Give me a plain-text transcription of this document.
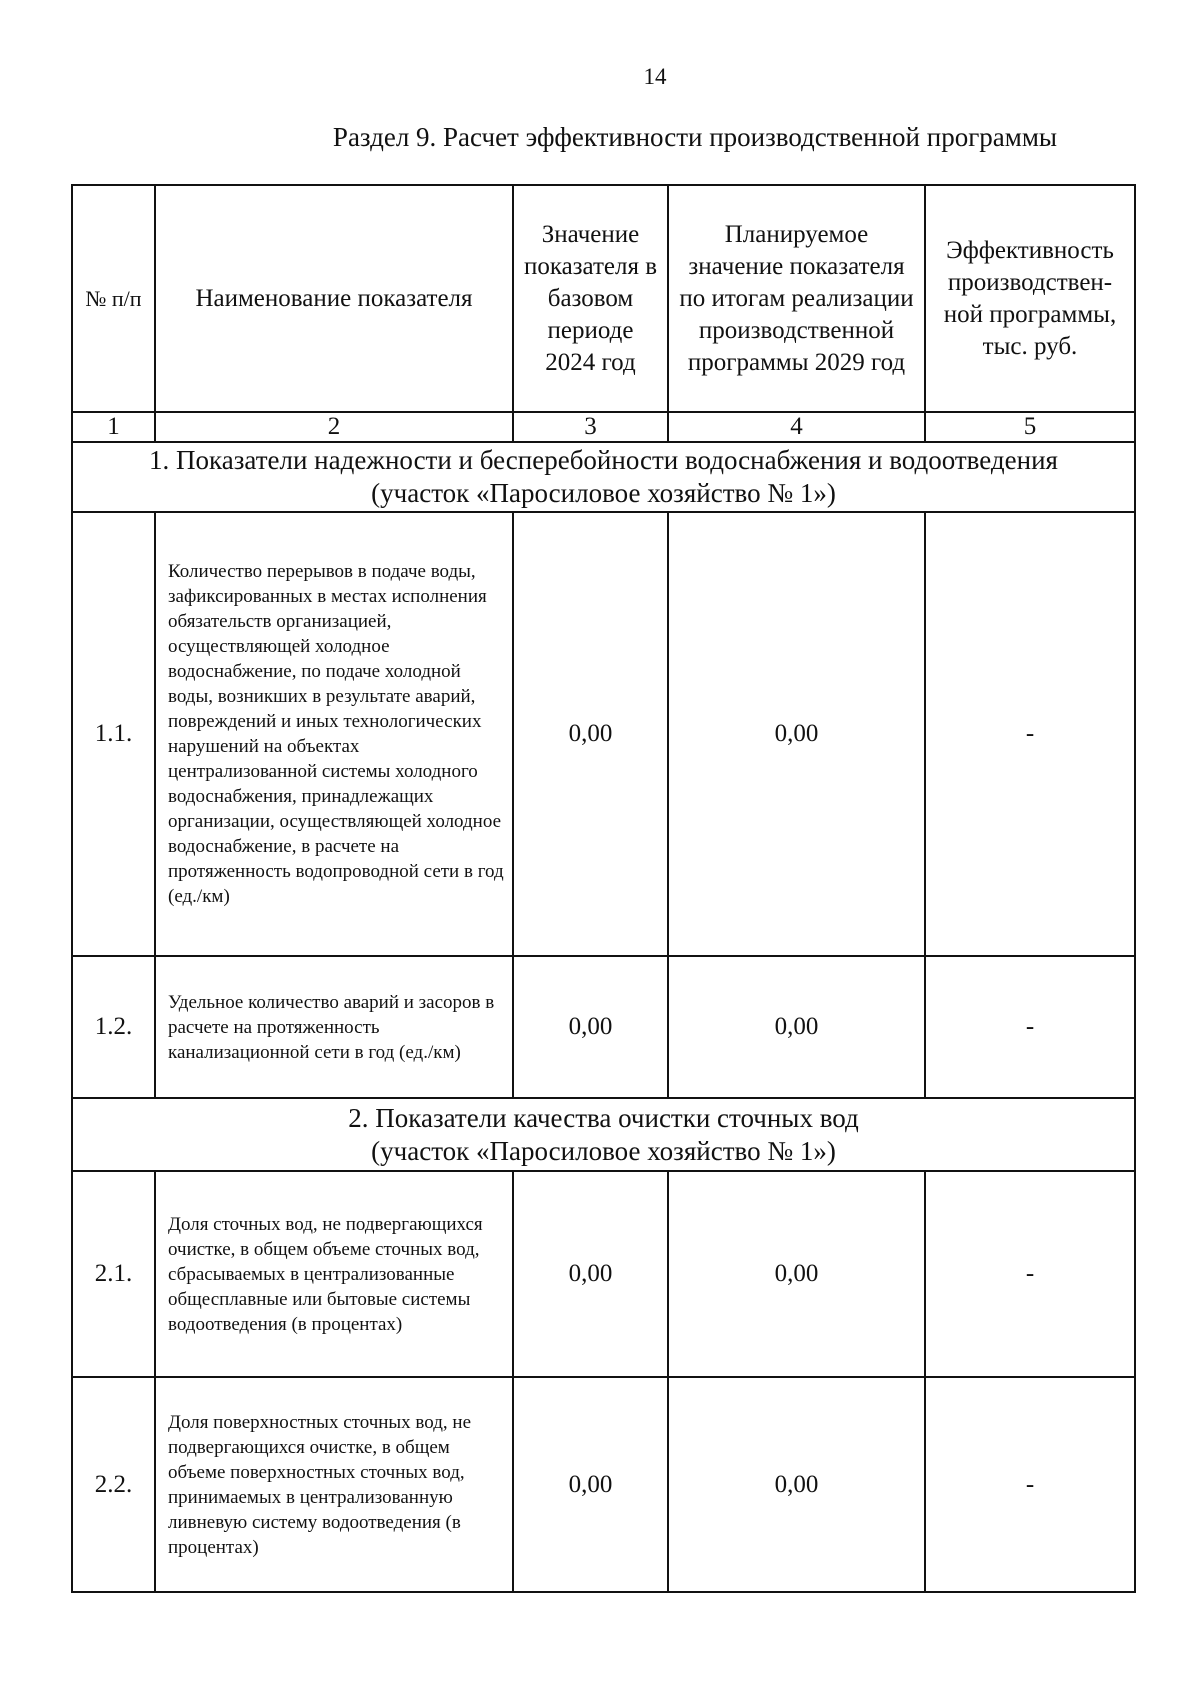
14
Раздел 9. Расчет эффективности производственной программы
№ п/п	Наименование показателя	Значение показателя в базовом периоде 2024 год	Планируемое значение показателя по итогам реализации производственной программы 2029 год	Эффективность производствен-ной программы, тыс. руб.
1	2	3	4	5

1. Показатели надежности и бесперебойности водоснабжения и водоотведения
(участок «Паросиловое хозяйство № 1»)				

1.1.	Количество перерывов в подаче воды, зафиксированных в местах исполнения обязательств организацией, осуществляющей холодное водоснабжение, по подаче холодной воды, возникших в результате аварий, повреждений и иных технологических нарушений на объектах централизованной системы холодного водоснабжения, принадлежащих организации, осуществляющей холодное водоснабжение, в расчете на протяженность водопроводной сети в год (ед./км)	0,00	0,00	-
1.2.	Удельное количество аварий и засоров в расчете на протяженность канализационной сети в год (ед./км)	0,00	0,00	-

2. Показатели качества очистки сточных вод
(участок «Паросиловое хозяйство № 1»)				

2.1.	Доля сточных вод, не подвергающихся очистке, в общем объеме сточных вод, сбрасываемых в централизованные общесплавные или бытовые системы водоотведения (в процентах)	0,00	0,00	-
2.2.	Доля поверхностных сточных вод, не подвергающихся очистке, в общем объеме поверхностных сточных вод, принимаемых в централизованную ливневую систему водоотведения (в процентах)	0,00	0,00	-
